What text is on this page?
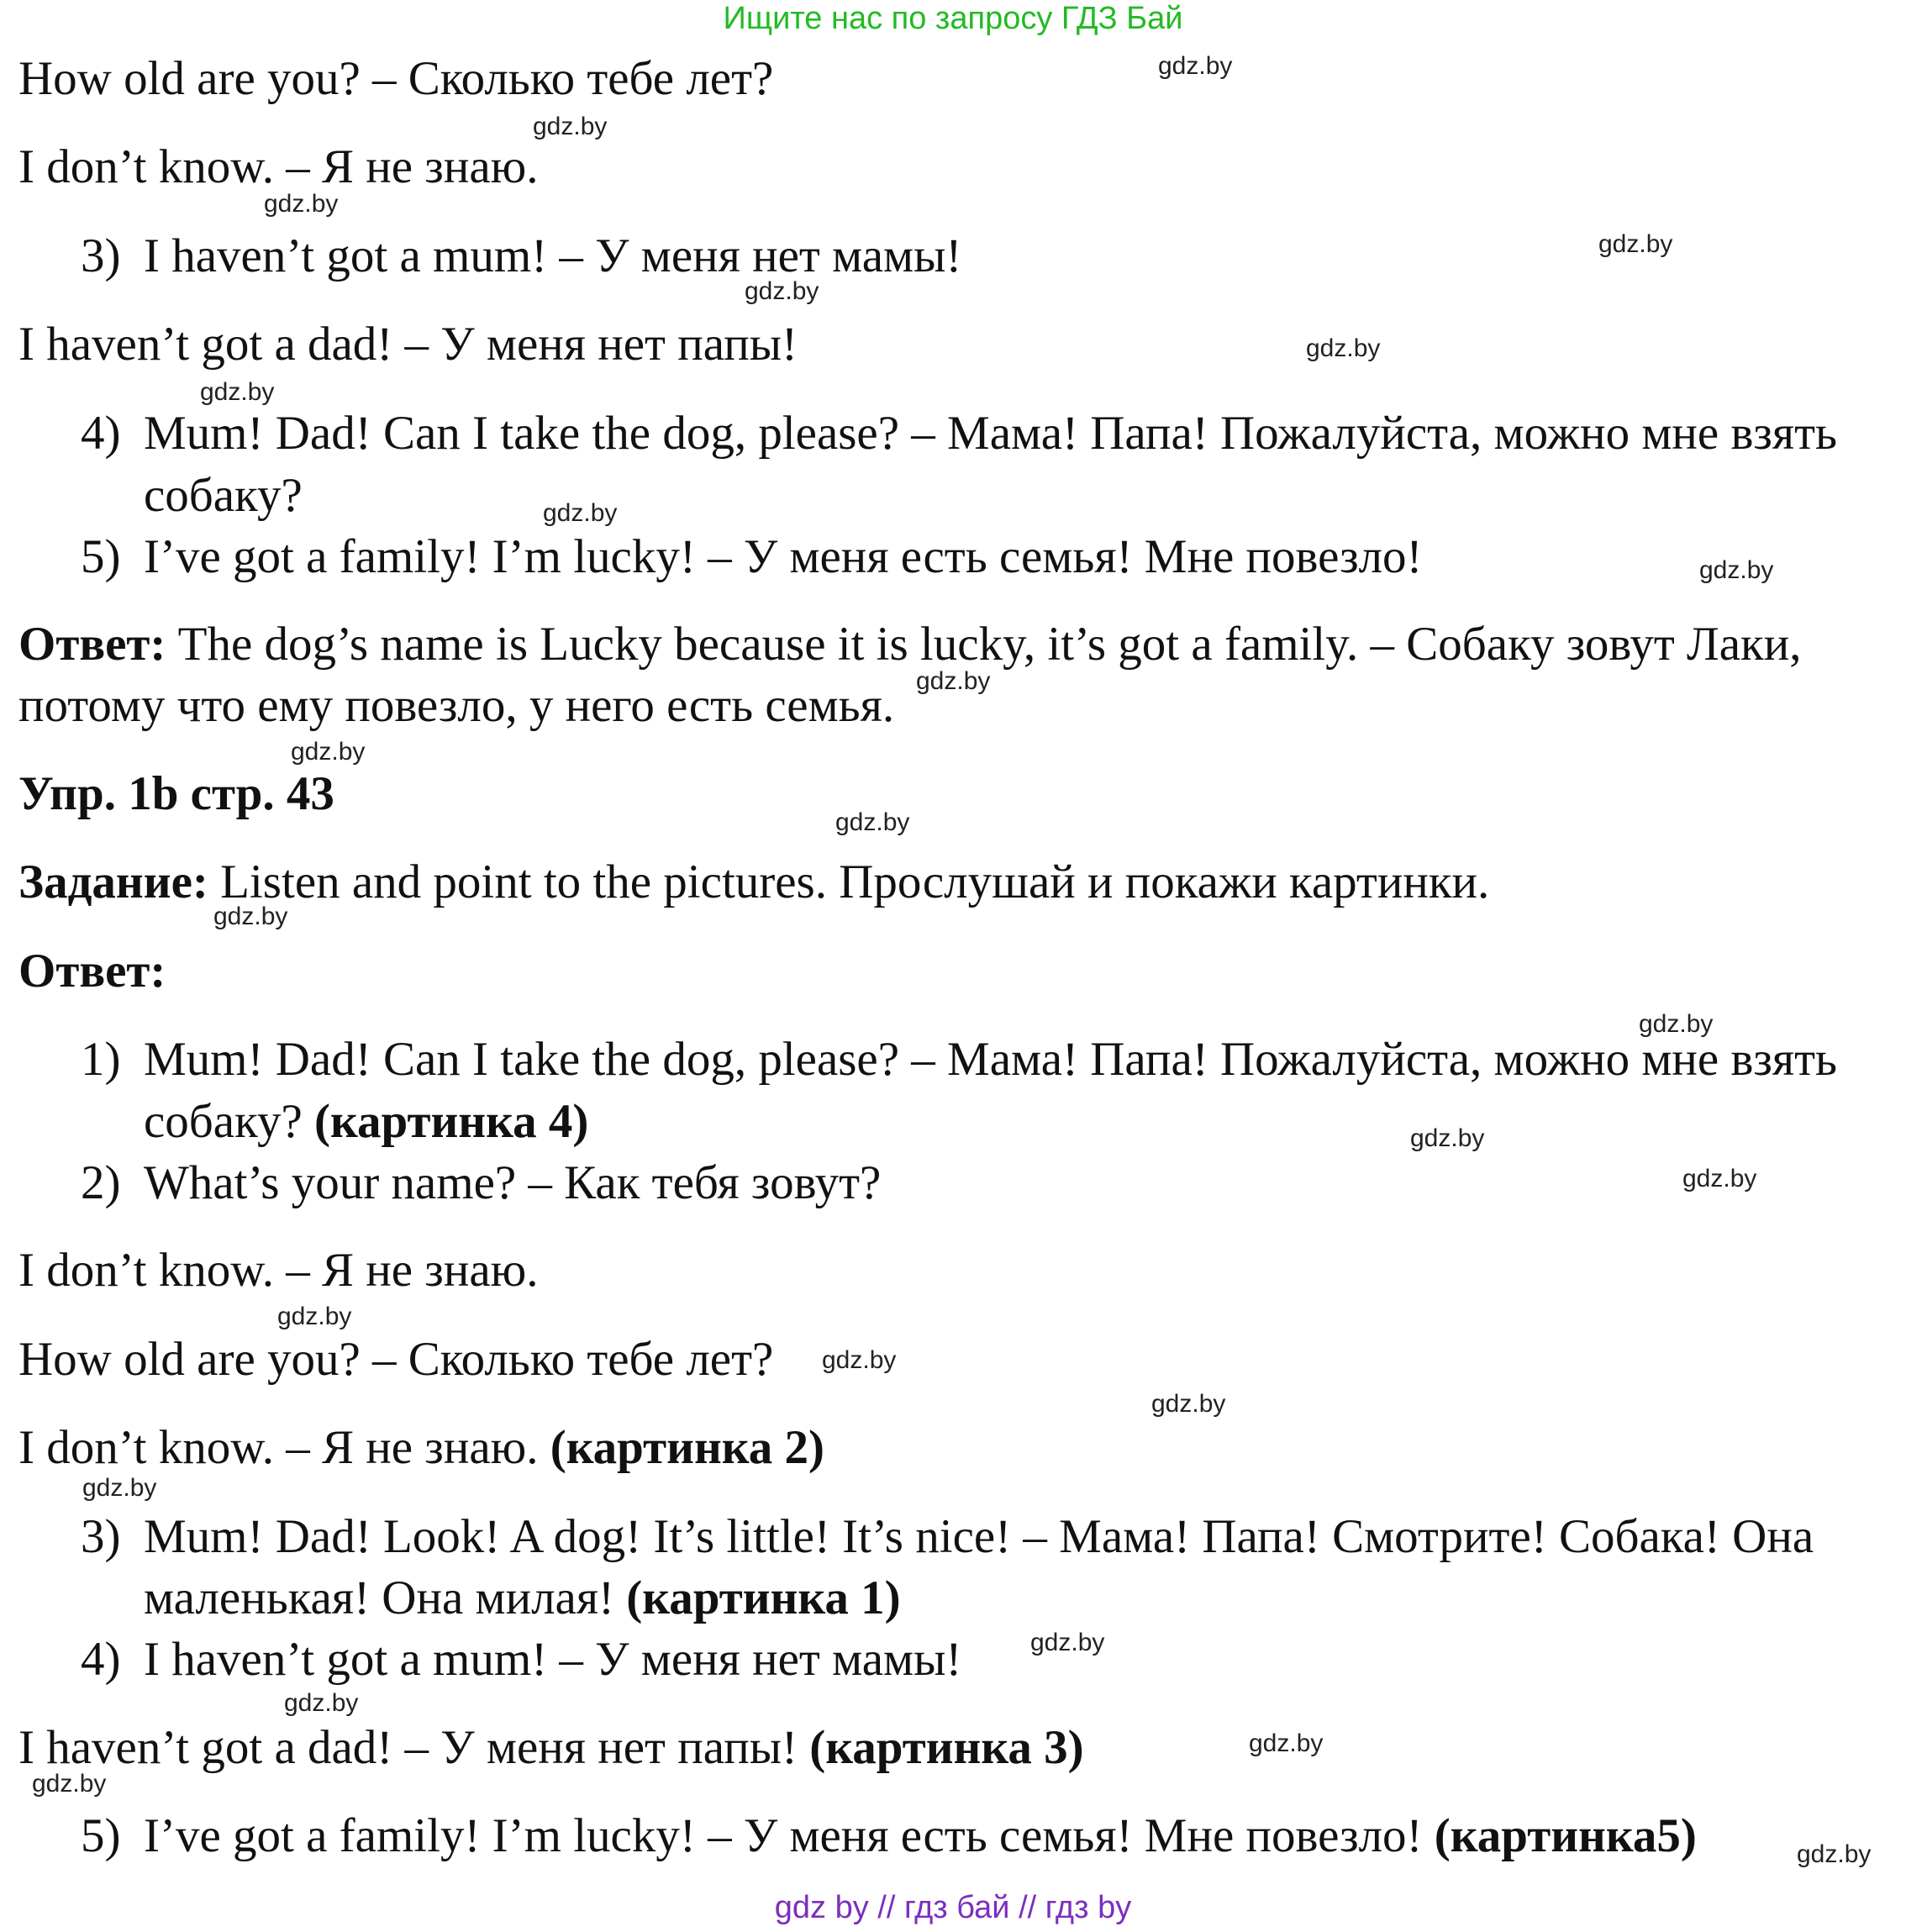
Ищите нас по запросу ГДЗ Бай
How old are you? – Сколько тебе лет?
I don’t know. – Я не знаю.
3) I haven’t got a mum! – У меня нет мамы!
I haven’t got a dad! – У меня нет папы!
4) Mum! Dad! Can I take the dog, please? – Мама! Папа! Пожалуйста, можно мне взять
собаку?
5) I’ve got a family! I’m lucky! – У меня есть семья! Мне повезло!
Ответ: The dog’s name is Lucky because it is lucky, it’s got a family. – Собаку зовут Лаки,
потому что ему повезло, у него есть семья.
Упр. 1b стр. 43
Задание: Listen and point to the pictures. Прослушай и покажи картинки.
Ответ:
1) Mum! Dad! Can I take the dog, please? – Мама! Папа! Пожалуйста, можно мне взять
собаку? (картинка 4)
2) What’s your name? – Как тебя зовут?
I don’t know. – Я не знаю.
How old are you? – Сколько тебе лет?
I don’t know. – Я не знаю. (картинка 2)
3) Mum! Dad! Look! A dog! It’s little! It’s nice! – Мама! Папа! Смотрите! Собака! Она
маленькая! Она милая! (картинка 1)
4) I haven’t got a mum! – У меня нет мамы!
I haven’t got a dad! – У меня нет папы! (картинка 3)
5) I’ve got a family! I’m lucky! – У меня есть семья! Мне повезло! (картинка5)
gdz.by
gdz.by
gdz.by
gdz.by
gdz.by
gdz.by
gdz.by
gdz.by
gdz.by
gdz.by
gdz.by
gdz.by
gdz.by
gdz.by
gdz.by
gdz.by
gdz.by
gdz.by
gdz.by
gdz.by
gdz.by
gdz.by
gdz.by
gdz.by
gdz.by
gdz by // гдз бай // гдз by
